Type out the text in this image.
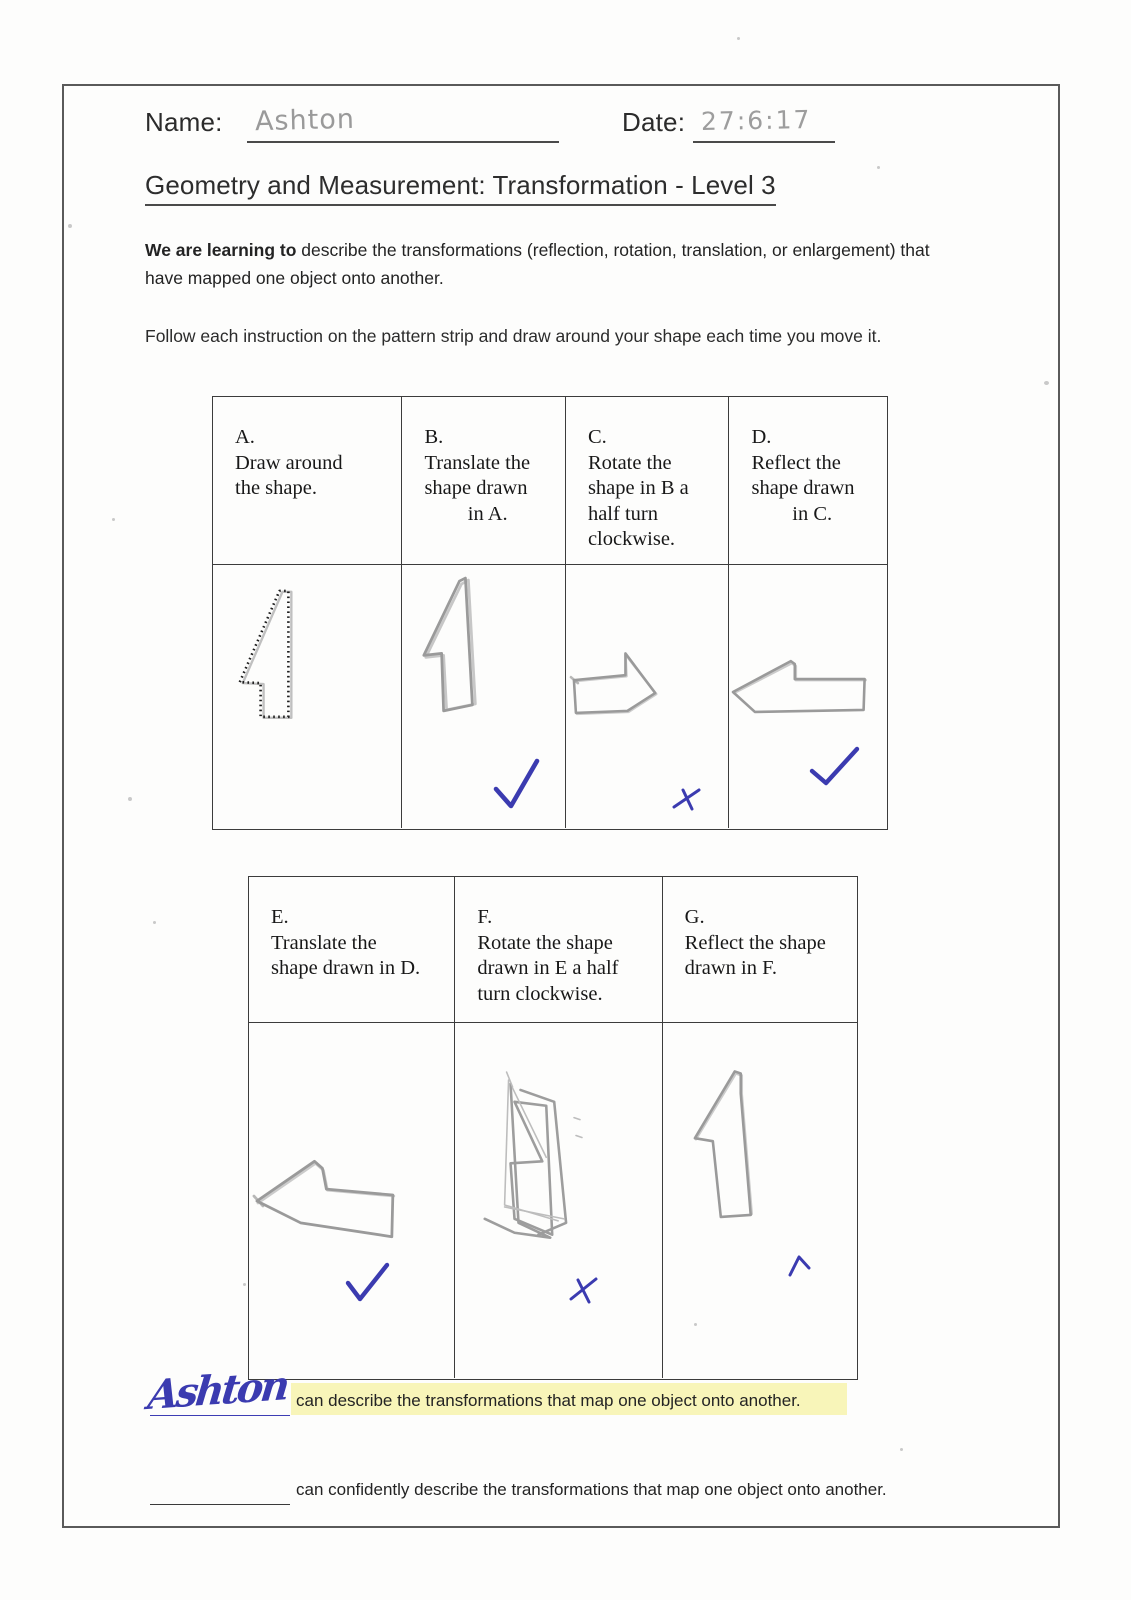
Name: Ashton	Date: 27:6:17
Geometry and Measurement: Transformation - Level 3
We are learning to describe the transformations (reflection, rotation, translation, or enlargement) that have mapped one object onto another.
Follow each instruction on the pattern strip and draw around your shape each time you move it.
A.
Draw around
the shape.
B.
Translate the
shape drawn
in A.
C.
Rotate the
shape in B a
half turn
clockwise.
D.
Reflect the
shape drawn
in C.
E.
Translate the
shape drawn in D.
F.
Rotate the shape
drawn in E a half
turn clockwise.
G.
Reflect the shape
drawn in F.
can describe the transformations that map one object onto another.
Ashton
can confidently describe the transformations that map one object onto another.
